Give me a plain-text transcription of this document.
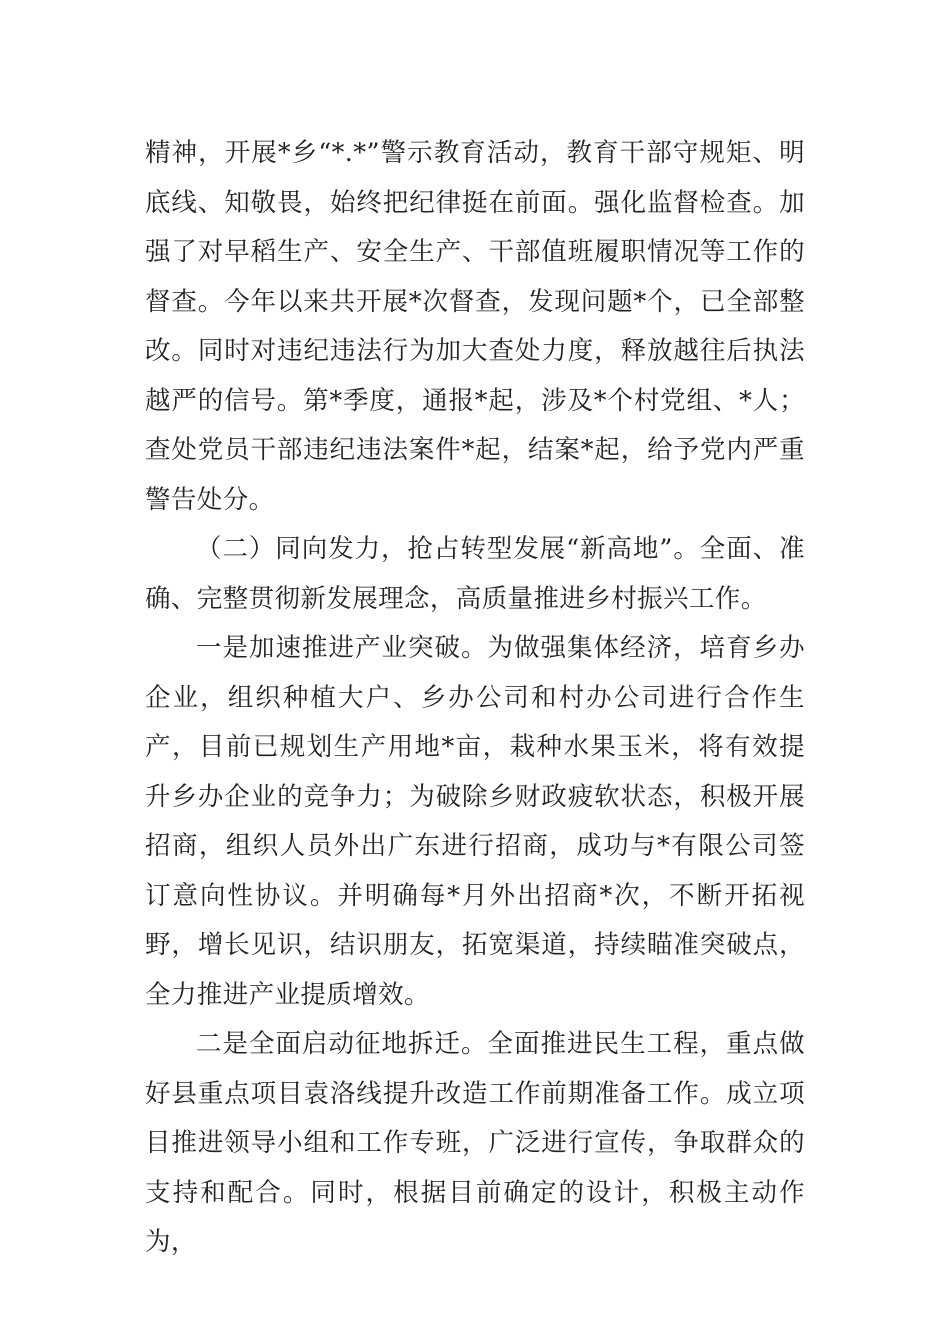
精神，开展*乡“*.*”警示教育活动，教育干部守规矩、明底线、知敬畏，始终把纪律挺在前面。强化监督检查。加强了对早稻生产、安全生产、干部值班履职情况等工作的督查。今年以来共开展*次督查，发现问题*个，已全部整改。同时对违纪违法行为加大查处力度，释放越往后执法越严的信号。第*季度，通报*起，涉及*个村党组、*人；查处党员干部违纪违法案件*起，结案*起，给予党内严重警告处分。

（二）同向发力，抢占转型发展“新高地”。全面、准确、完整贯彻新发展理念，高质量推进乡村振兴工作。

一是加速推进产业突破。为做强集体经济，培育乡办企业，组织种植大户、乡办公司和村办公司进行合作生产，目前已规划生产用地*亩，栽种水果玉米，将有效提升乡办企业的竞争力；为破除乡财政疲软状态，积极开展招商，组织人员外出广东进行招商，成功与*有限公司签订意向性协议。并明确每*月外出招商*次，不断开拓视野，增长见识，结识朋友，拓宽渠道，持续瞄准突破点，全力推进产业提质增效。

二是全面启动征地拆迁。全面推进民生工程，重点做好县重点项目袁洛线提升改造工作前期准备工作。成立项目推进领导小组和工作专班，广泛进行宣传，争取群众的支持和配合。同时，根据目前确定的设计，积极主动作为，
